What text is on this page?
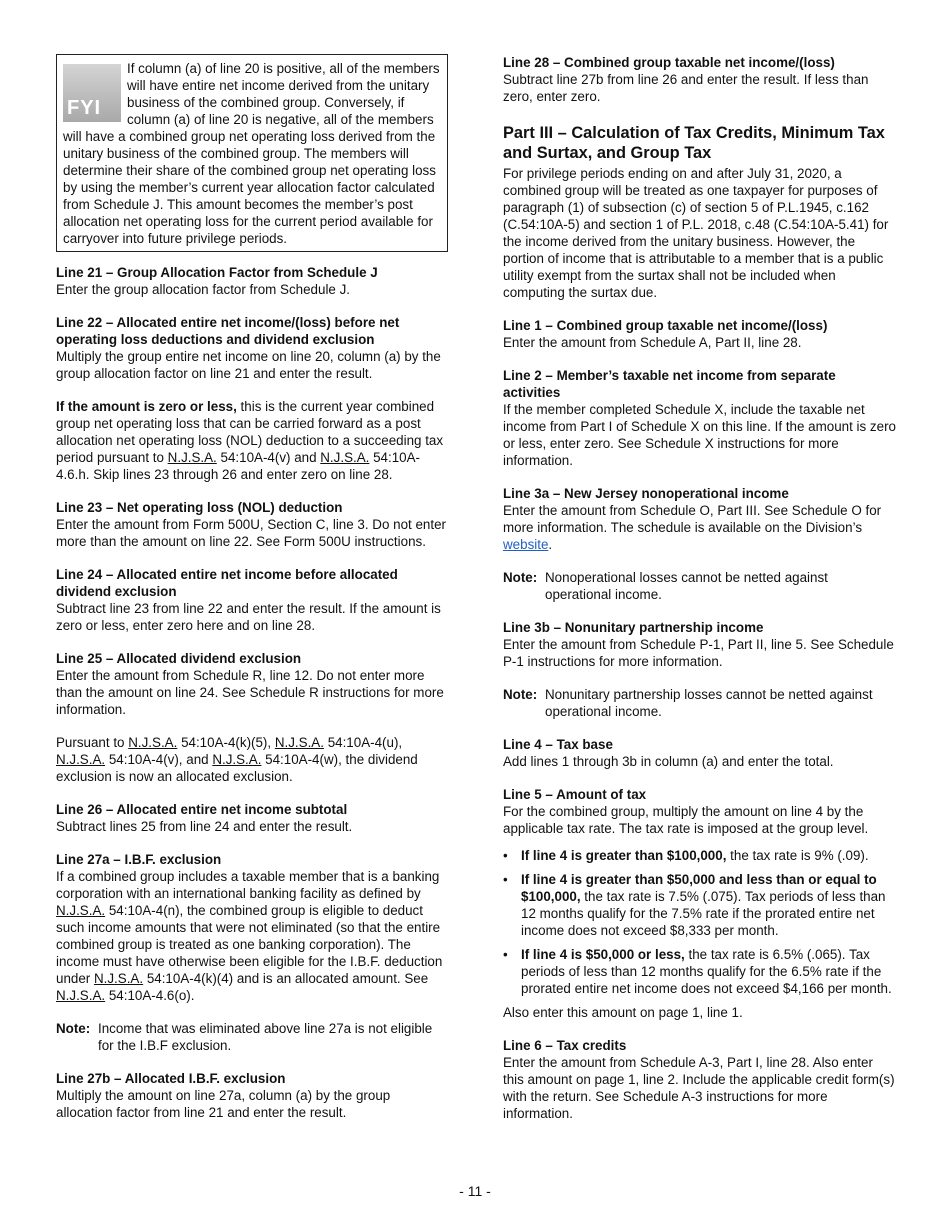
FYI

If column (a) of line 20 is positive, all of the members will have entire net income derived from the unitary business of the combined group. Conversely, if column (a) of line 20 is negative, all of the members will have a combined group net operating loss derived from the unitary business of the combined group. The members will determine their share of the combined group net operating loss by using the member’s current year allocation factor calculated from Schedule J. This amount becomes the member’s post allocation net operating loss for the current period available for carryover into future privilege periods.

Line 21 – Group Allocation Factor from Schedule J

Enter the group allocation factor from Schedule J.

Line 22 – Allocated entire net income/(loss) before net operating loss deductions and dividend exclusion

Multiply the group entire net income on line 20, column (a) by the group allocation factor on line 21 and enter the result.

If the amount is zero or less, this is the current year combined group net operating loss that can be carried forward as a post allocation net operating loss (NOL) deduction to a succeeding tax period pursuant to N.J.S.A. 54:10A-4(v) and N.J.S.A. 54:10A-4.6.h. Skip lines 23 through 26 and enter zero on line 28.

Line 23 – Net operating loss (NOL) deduction

Enter the amount from Form 500U, Section C, line 3. Do not enter more than the amount on line 22. See Form 500U instructions.

Line 24 – Allocated entire net income before allocated dividend exclusion

Subtract line 23 from line 22 and enter the result. If the amount is zero or less, enter zero here and on line 28.

Line 25 – Allocated dividend exclusion

Enter the amount from Schedule R, line 12. Do not enter more than the amount on line 24. See Schedule R instructions for more information.

Pursuant to N.J.S.A. 54:10A-4(k)(5), N.J.S.A. 54:10A-4(u), N.J.S.A. 54:10A-4(v), and N.J.S.A. 54:10A-4(w), the dividend exclusion is now an allocated exclusion.

Line 26 – Allocated entire net income subtotal

Subtract lines 25 from line 24 and enter the result.

Line 27a – I.B.F. exclusion

If a combined group includes a taxable member that is a banking corporation with an international banking facility as defined by N.J.S.A. 54:10A-4(n), the combined group is eligible to deduct such income amounts that were not eliminated (so that the entire combined group is treated as one banking corporation). The income must have otherwise been eligible for the I.B.F. deduction under N.J.S.A. 54:10A-4(k)(4) and is an allocated amount. See N.J.S.A. 54:10A-4.6(o).

Note: Income that was eliminated above line 27a is not eligible for the I.B.F exclusion.
Line 27b – Allocated I.B.F. exclusion

Multiply the amount on line 27a, column (a) by the group allocation factor from line 21 and enter the result.

Line 28 – Combined group taxable net income/(loss)

Subtract line 27b from line 26 and enter the result. If less than zero, enter zero.

Part III – Calculation of Tax Credits, Minimum Tax and Surtax, and Group Tax

For privilege periods ending on and after July 31, 2020, a combined group will be treated as one taxpayer for purposes of paragraph (1) of subsection (c) of section 5 of P.L.1945, c.162 (C.54:10A-5) and section 1 of P.L. 2018, c.48 (C.54:10A-5.41) for the income derived from the unitary business. However, the portion of income that is attributable to a member that is a public utility exempt from the surtax shall not be included when computing the surtax due.

Line 1 – Combined group taxable net income/(loss)

Enter the amount from Schedule A, Part II, line 28.

Line 2 – Member’s taxable net income from separate activities

If the member completed Schedule X, include the taxable net income from Part I of Schedule X on this line. If the amount is zero or less, enter zero. See Schedule X instructions for more information.

Line 3a – New Jersey nonoperational income

Enter the amount from Schedule O, Part III. See Schedule O for more information. The schedule is available on the Division’s website.

Note: Nonoperational losses cannot be netted against operational income.
Line 3b – Nonunitary partnership income

Enter the amount from Schedule P-1, Part II, line 5. See Schedule P-1 instructions for more information.

Note: Nonunitary partnership losses cannot be netted against operational income.
Line 4 – Tax base

Add lines 1 through 3b in column (a) and enter the total.

Line 5 – Amount of tax

For the combined group, multiply the amount on line 4 by the applicable tax rate. The tax rate is imposed at the group level.

• If line 4 is greater than $100,000, the tax rate is 9% (.09).
• If line 4 is greater than $50,000 and less than or equal to $100,000, the tax rate is 7.5% (.075). Tax periods of less than 12 months qualify for the 7.5% rate if the prorated entire net income does not exceed $8,333 per month.
• If line 4 is $50,000 or less, the tax rate is 6.5% (.065). Tax periods of less than 12 months qualify for the 6.5% rate if the prorated entire net income does not exceed $4,166 per month.

Also enter this amount on page 1, line 1.

Line 6 – Tax credits

Enter the amount from Schedule A-3, Part I, line 28. Also enter this amount on page 1, line 2. Include the applicable credit form(s) with the return. See Schedule A-3 instructions for more information.

- 11 -
